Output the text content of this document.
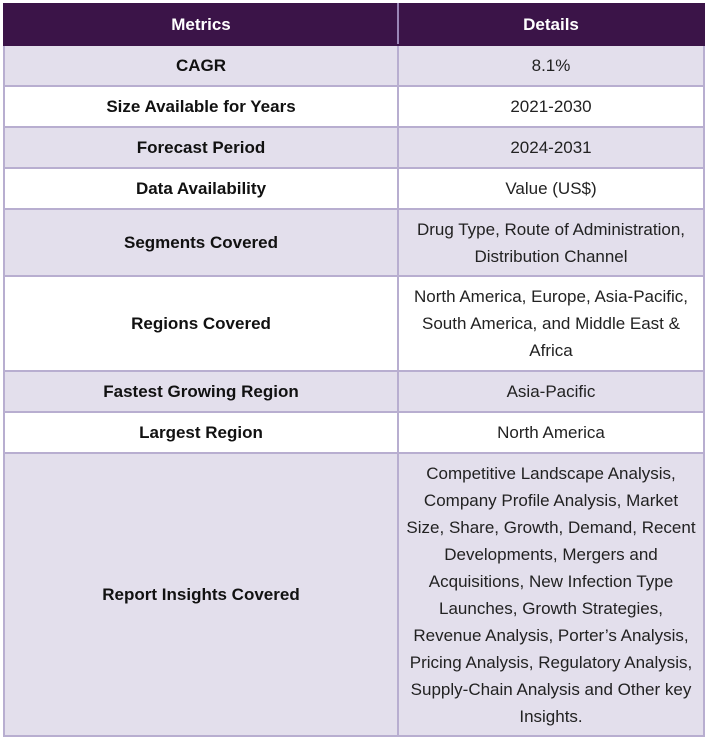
Metrics	Details
CAGR	8.1%
Size Available for Years	2021-2030
Forecast Period	2024-2031
Data Availability	Value (US$)
Segments Covered	Drug Type, Route of Administration, Distribution Channel
Regions Covered	North America, Europe, Asia-Pacific, South America, and Middle East & Africa
Fastest Growing Region	Asia-Pacific
Largest Region	North America
Report Insights Covered	Competitive Landscape Analysis, Company Profile Analysis, Market Size, Share, Growth, Demand, Recent Developments, Mergers and Acquisitions, New Infection Type Launches, Growth Strategies, Revenue Analysis, Porter’s Analysis, Pricing Analysis, Regulatory Analysis, Supply-Chain Analysis and Other key Insights.
